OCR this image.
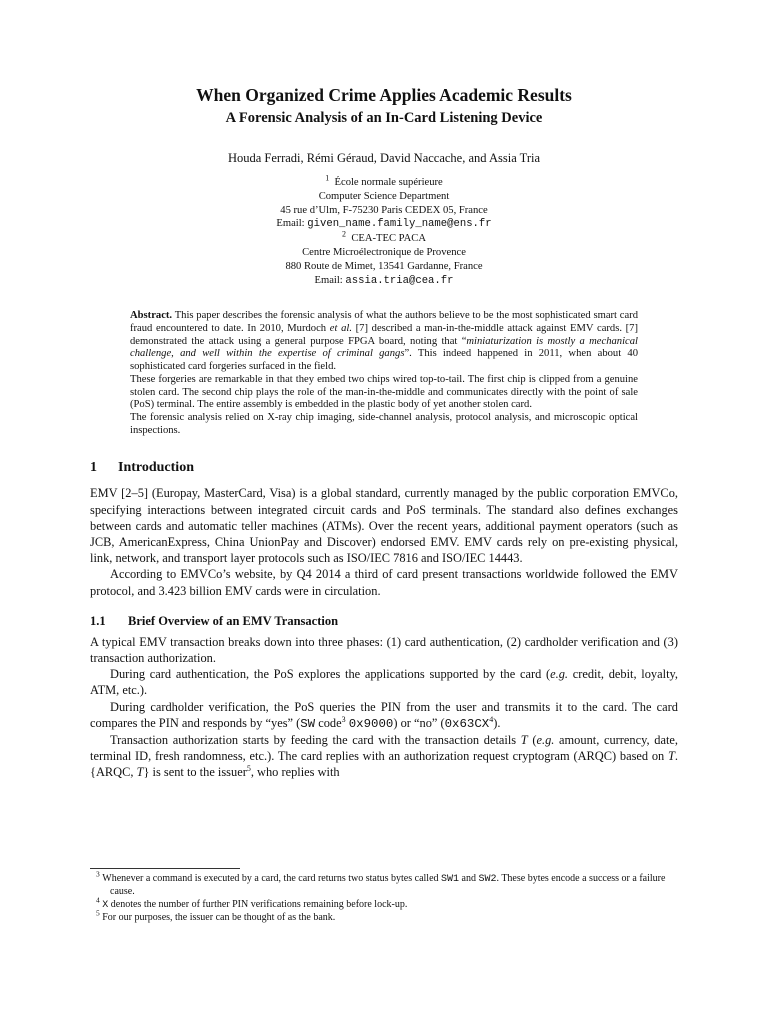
When Organized Crime Applies Academic Results
A Forensic Analysis of an In-Card Listening Device
Houda Ferradi, Rémi Géraud, David Naccache, and Assia Tria
$^1$ École normale supérieure
Computer Science Department
45 rue d’Ulm, F-75230 Paris CEDEX 05, France
Email: given_name.family_name@ens.fr
$^2$ CEA-TEC PACA
Centre Microélectronique de Provence
880 Route de Mimet, 13541 Gardanne, France
Email: assia.tria@cea.fr

Abstract. This paper describes the forensic analysis of what the authors believe to be the most sophisticated smart card fraud encountered to date. In 2010, Murdoch et al. [7] described a man-in-the-middle attack against EMV cards. [7] demonstrated the attack using a general purpose FPGA board, noting that “miniaturization is mostly a mechanical challenge, and well within the expertise of criminal gangs”. This indeed happened in 2011, when about 40 sophisticated card forgeries surfaced in the field.

These forgeries are remarkable in that they embed two chips wired top-to-tail. The first chip is clipped from a genuine stolen card. The second chip plays the role of the man-in-the-middle and communicates directly with the point of sale (PoS) terminal. The entire assembly is embedded in the plastic body of yet another stolen card.

The forensic analysis relied on X-ray chip imaging, side-channel analysis, protocol analysis, and microscopic optical inspections.

1 Introduction

EMV [2–5] (Europay, MasterCard, Visa) is a global standard, currently managed by the public corporation EMVCo, specifying interactions between integrated circuit cards and PoS terminals. The standard also defines exchanges between cards and automatic teller machines (ATMs). Over the recent years, additional payment operators (such as JCB, AmericanExpress, China UnionPay and Discover) endorsed EMV. EMV cards rely on pre-existing physical, link, network, and transport layer protocols such as ISO/IEC 7816 and ISO/IEC 14443.

According to EMVCo’s website, by Q4 2014 a third of card present transactions worldwide followed the EMV protocol, and 3.423 billion EMV cards were in circulation.

1.1 Brief Overview of an EMV Transaction

A typical EMV transaction breaks down into three phases: (1) card authentication, (2) cardholder verification and (3) transaction authorization.

During card authentication, the PoS explores the applications supported by the card (e.g. credit, debit, loyalty, ATM, etc.).

During cardholder verification, the PoS queries the PIN from the user and transmits it to the card. The card compares the PIN and responds by “yes” (SW code$^3$ 0x9000) or “no” $(0x63CX^4)$.

Transaction authorization starts by feeding the card with the transaction details T (e.g. amount, currency, date, terminal ID, fresh randomness, etc.). The card replies with an authorization request cryptogram (ARQC) based on T. {ARQC, T} is sent to the issuer$^5$, who replies with

$^3$ Whenever a command is executed by a card, the card returns two status bytes called SW1 and SW2. These bytes encode a success or a failure cause.

$^4$ X denotes the number of further PIN verifications remaining before lock-up.

$^5$ For our purposes, the issuer can be thought of as the bank.
